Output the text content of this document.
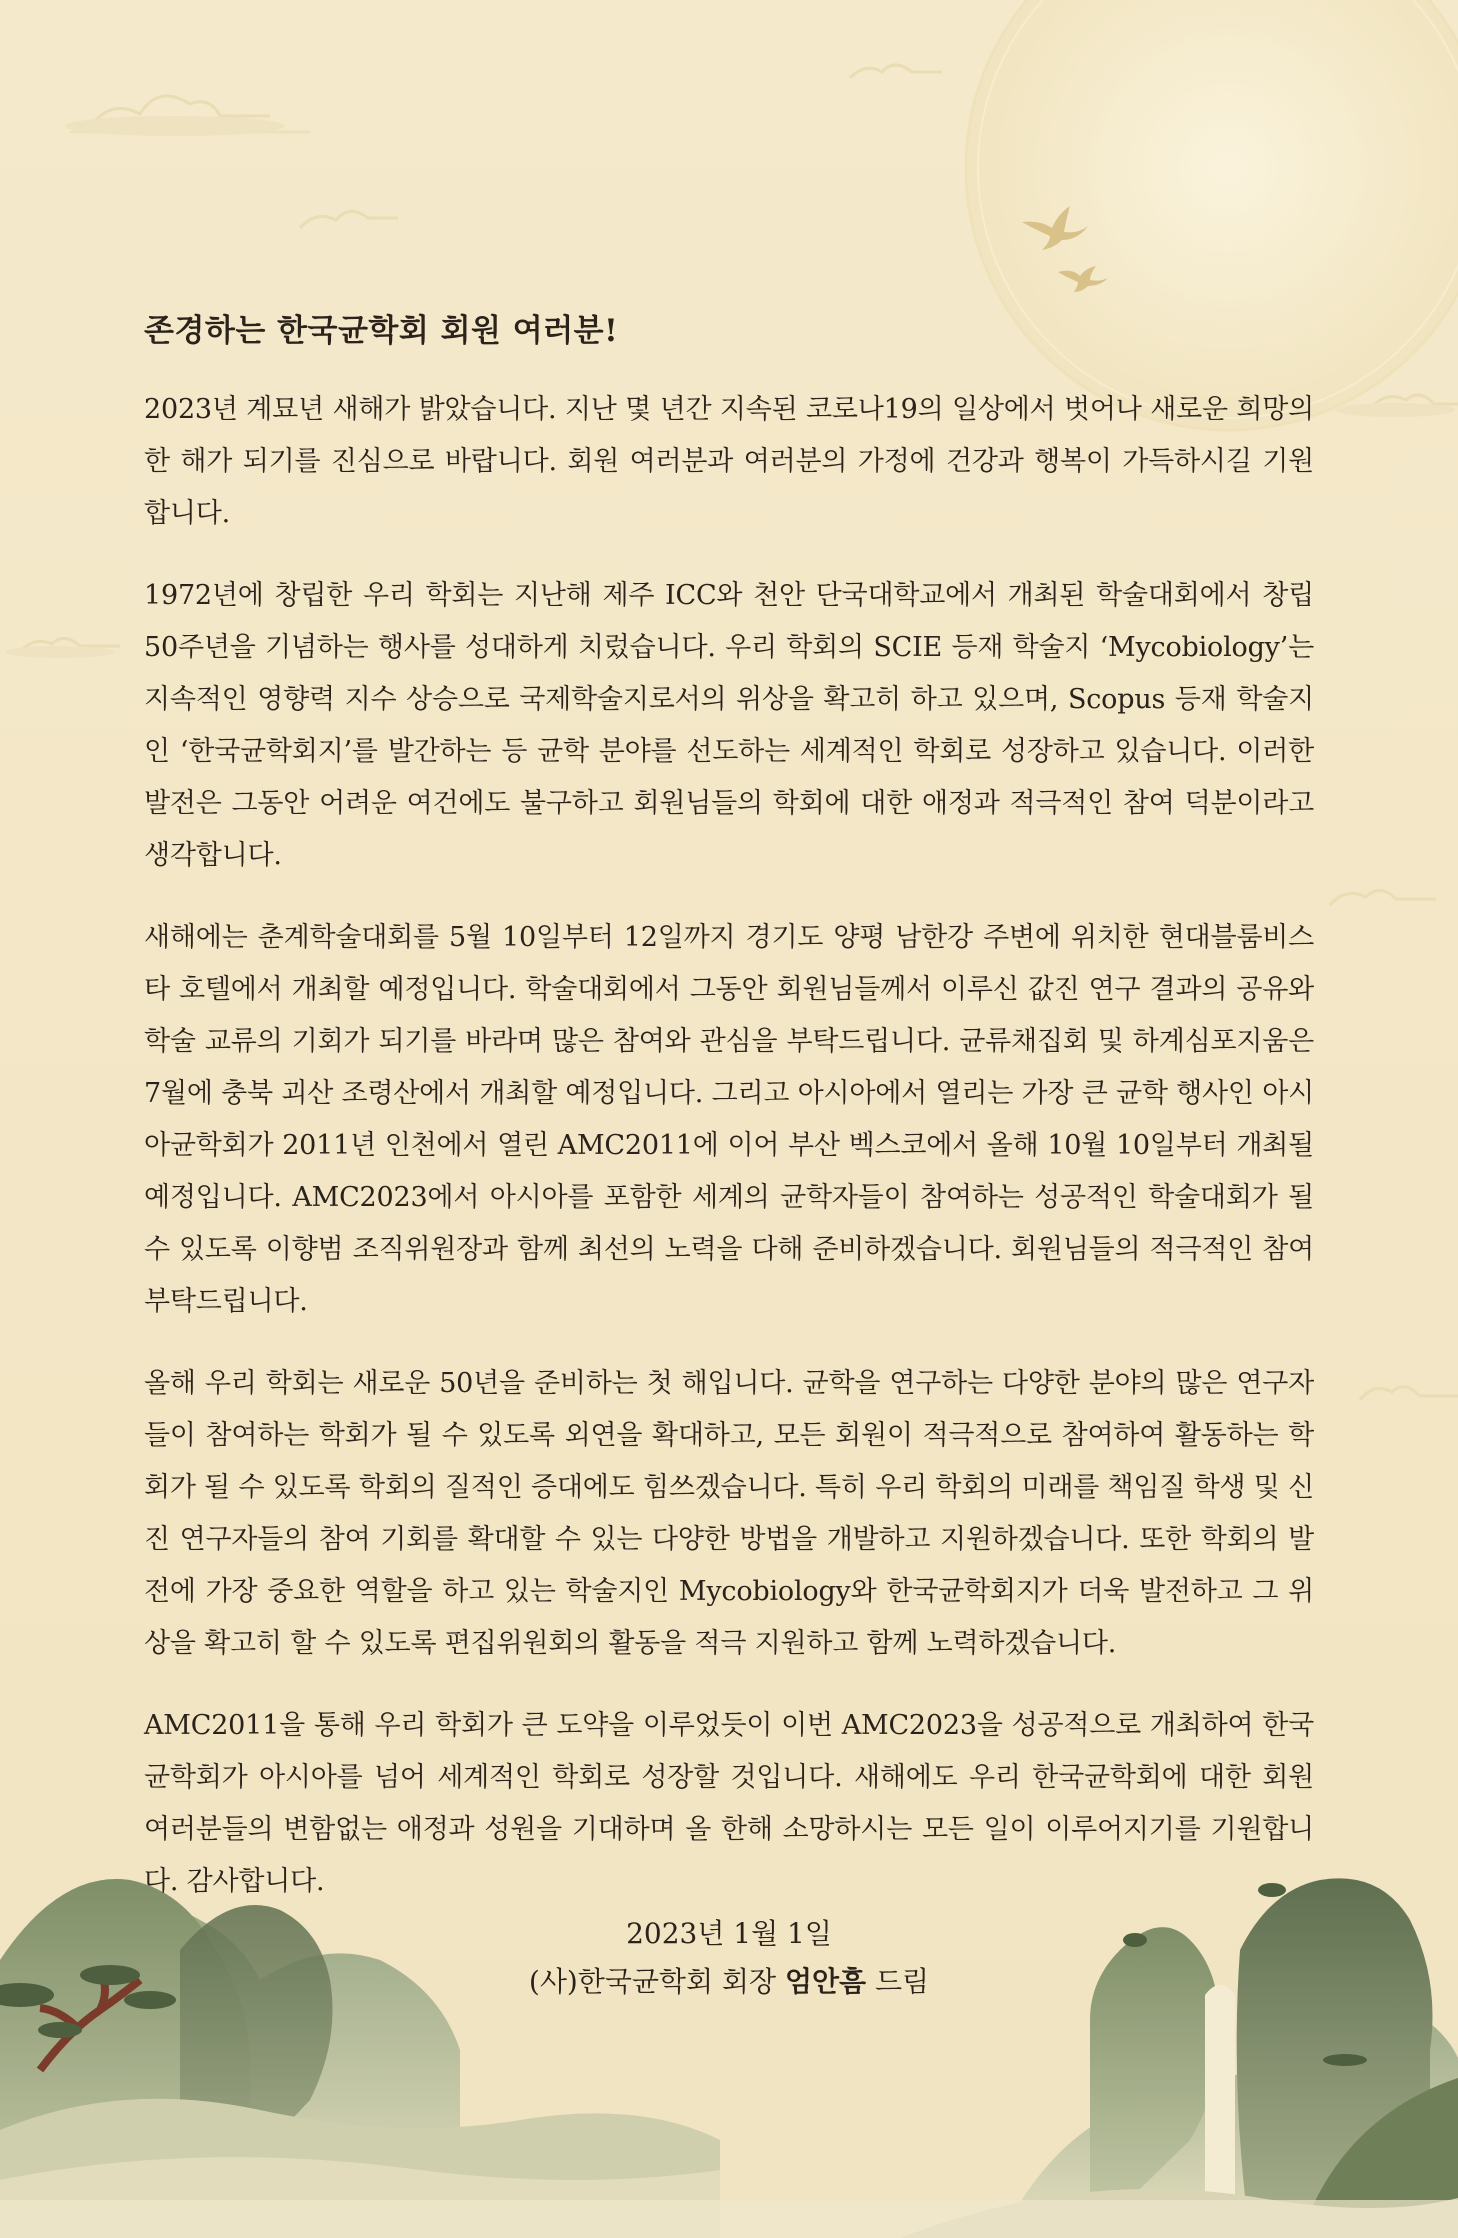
존경하는 한국균학회 회원 여러분!

2023년 계묘년 새해가 밝았습니다. 지난 몇 년간 지속된 코로나19의 일상에서 벗어나 새로운 희망의 한 해가 되기를 진심으로 바랍니다. 회원 여러분과 여러분의 가정에 건강과 행복이 가득하시길 기원합니다.

1972년에 창립한 우리 학회는 지난해 제주 ICC와 천안 단국대학교에서 개최된 학술대회에서 창립 50주년을 기념하는 행사를 성대하게 치렀습니다. 우리 학회의 SCIE 등재 학술지 ‘Mycobiology’는 지속적인 영향력 지수 상승으로 국제학술지로서의 위상을 확고히 하고 있으며, Scopus 등재 학술지인 ‘한국균학회지’를 발간하는 등 균학 분야를 선도하는 세계적인 학회로 성장하고 있습니다. 이러한 발전은 그동안 어려운 여건에도 불구하고 회원님들의 학회에 대한 애정과 적극적인 참여 덕분이라고 생각합니다.

새해에는 춘계학술대회를 5월 10일부터 12일까지 경기도 양평 남한강 주변에 위치한 현대블룸비스타 호텔에서 개최할 예정입니다. 학술대회에서 그동안 회원님들께서 이루신 값진 연구 결과의 공유와 학술 교류의 기회가 되기를 바라며 많은 참여와 관심을 부탁드립니다. 균류채집회 및 하계심포지움은 7월에 충북 괴산 조령산에서 개최할 예정입니다. 그리고 아시아에서 열리는 가장 큰 균학 행사인 아시아균학회가 2011년 인천에서 열린 AMC2011에 이어 부산 벡스코에서 올해 10월 10일부터 개최될 예정입니다. AMC2023에서 아시아를 포함한 세계의 균학자들이 참여하는 성공적인 학술대회가 될 수 있도록 이향범 조직위원장과 함께 최선의 노력을 다해 준비하겠습니다. 회원님들의 적극적인 참여 부탁드립니다.

올해 우리 학회는 새로운 50년을 준비하는 첫 해입니다. 균학을 연구하는 다양한 분야의 많은 연구자들이 참여하는 학회가 될 수 있도록 외연을 확대하고, 모든 회원이 적극적으로 참여하여 활동하는 학회가 될 수 있도록 학회의 질적인 증대에도 힘쓰겠습니다. 특히 우리 학회의 미래를 책임질 학생 및 신진 연구자들의 참여 기회를 확대할 수 있는 다양한 방법을 개발하고 지원하겠습니다. 또한 학회의 발전에 가장 중요한 역할을 하고 있는 학술지인 Mycobiology와 한국균학회지가 더욱 발전하고 그 위상을 확고히 할 수 있도록 편집위원회의 활동을 적극 지원하고 함께 노력하겠습니다.

AMC2011을 통해 우리 학회가 큰 도약을 이루었듯이 이번 AMC2023을 성공적으로 개최하여 한국균학회가 아시아를 넘어 세계적인 학회로 성장할 것입니다. 새해에도 우리 한국균학회에 대한 회원 여러분들의 변함없는 애정과 성원을 기대하며 올 한해 소망하시는 모든 일이 이루어지기를 기원합니다. 감사합니다.

2023년 1월 1일
(사)한국균학회 회장 엄안흠 드림
